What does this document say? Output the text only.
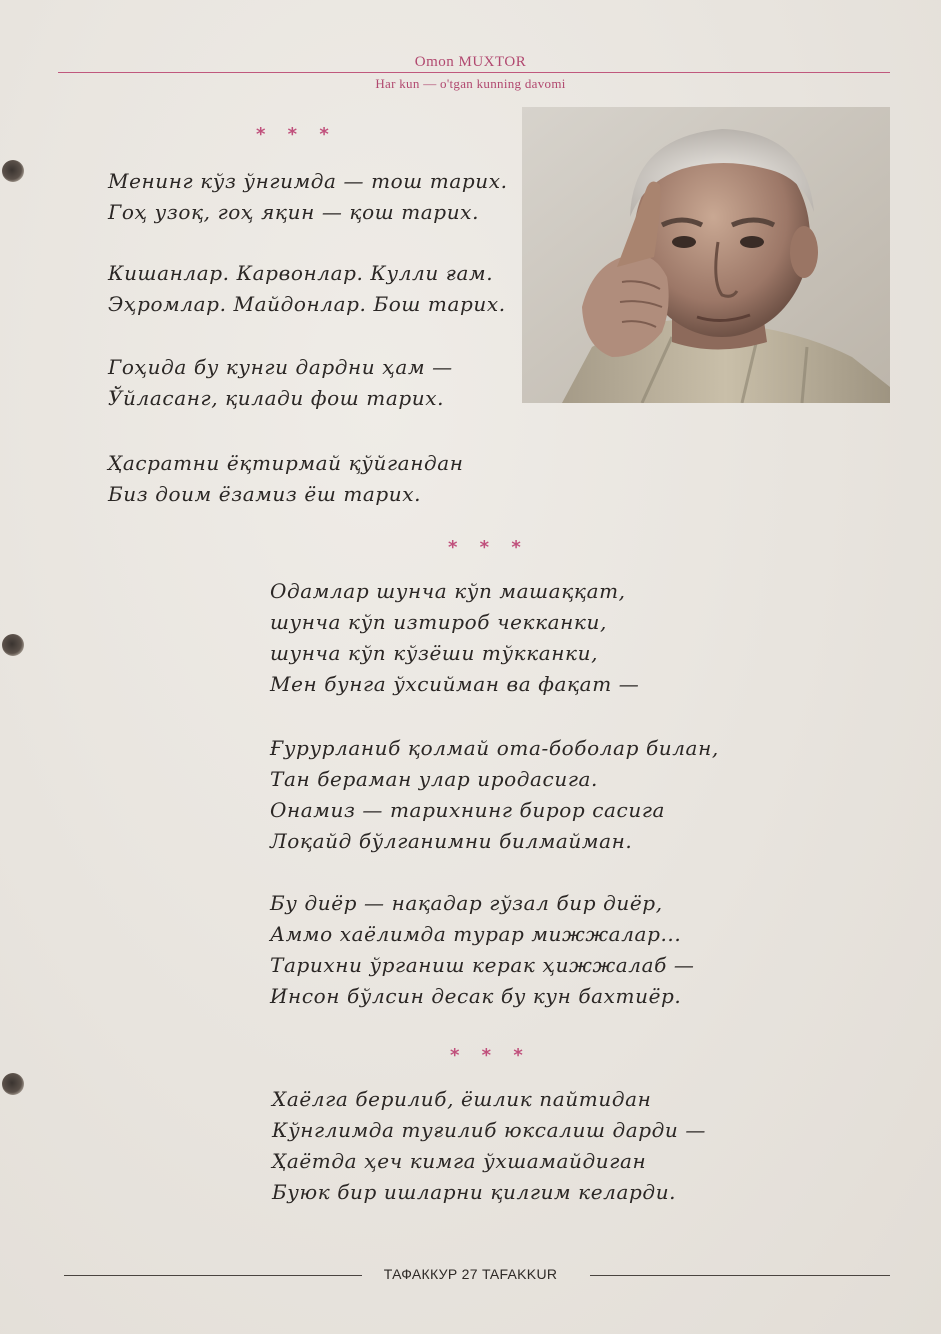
Omon MUXTOR
Har kun — o'tgan kunning davomi
* * *
Менинг кўз ўнгимда — тош тарих.
Гоҳ узоқ, гоҳ яқин — қош тарих.
Кишанлар. Карвонлар. Кулли ғам.
Эҳромлар. Майдонлар. Бош тарих.
Гоҳида бу кунги дардни ҳам —
Ўйласанг, қилади фош тарих.
Ҳасратни ёқтирмай қўйгандан
Биз доим ёзамиз ёш тарих.
* * *
Одамлар шунча кўп машаққат,
шунча кўп изтироб чекканки,
шунча кўп кўзёши тўкканки,
Мен бунга ўхсийман ва фақат —
Ғурурланиб қолмай ота-боболар билан,
Тан бераман улар иродасига.
Онамиз — тарихнинг бирор сасига
Лоқайд бўлганимни билмайман.
Бу диёр — нақадар гўзал бир диёр,
Аммо хаёлимда турар мижжалар...
Тарихни ўрганиш керак ҳижжалаб —
Инсон бўлсин десак бу кун бахтиёр.
* * *
Хаёлга берилиб, ёшлик пайтидан
Кўнглимда туғилиб юксалиш дарди —
Ҳаётда ҳеч кимга ўхшамайдиган
Буюк бир ишларни қилгим келарди.
ТАФАККУР 27 TAFAKKUR
